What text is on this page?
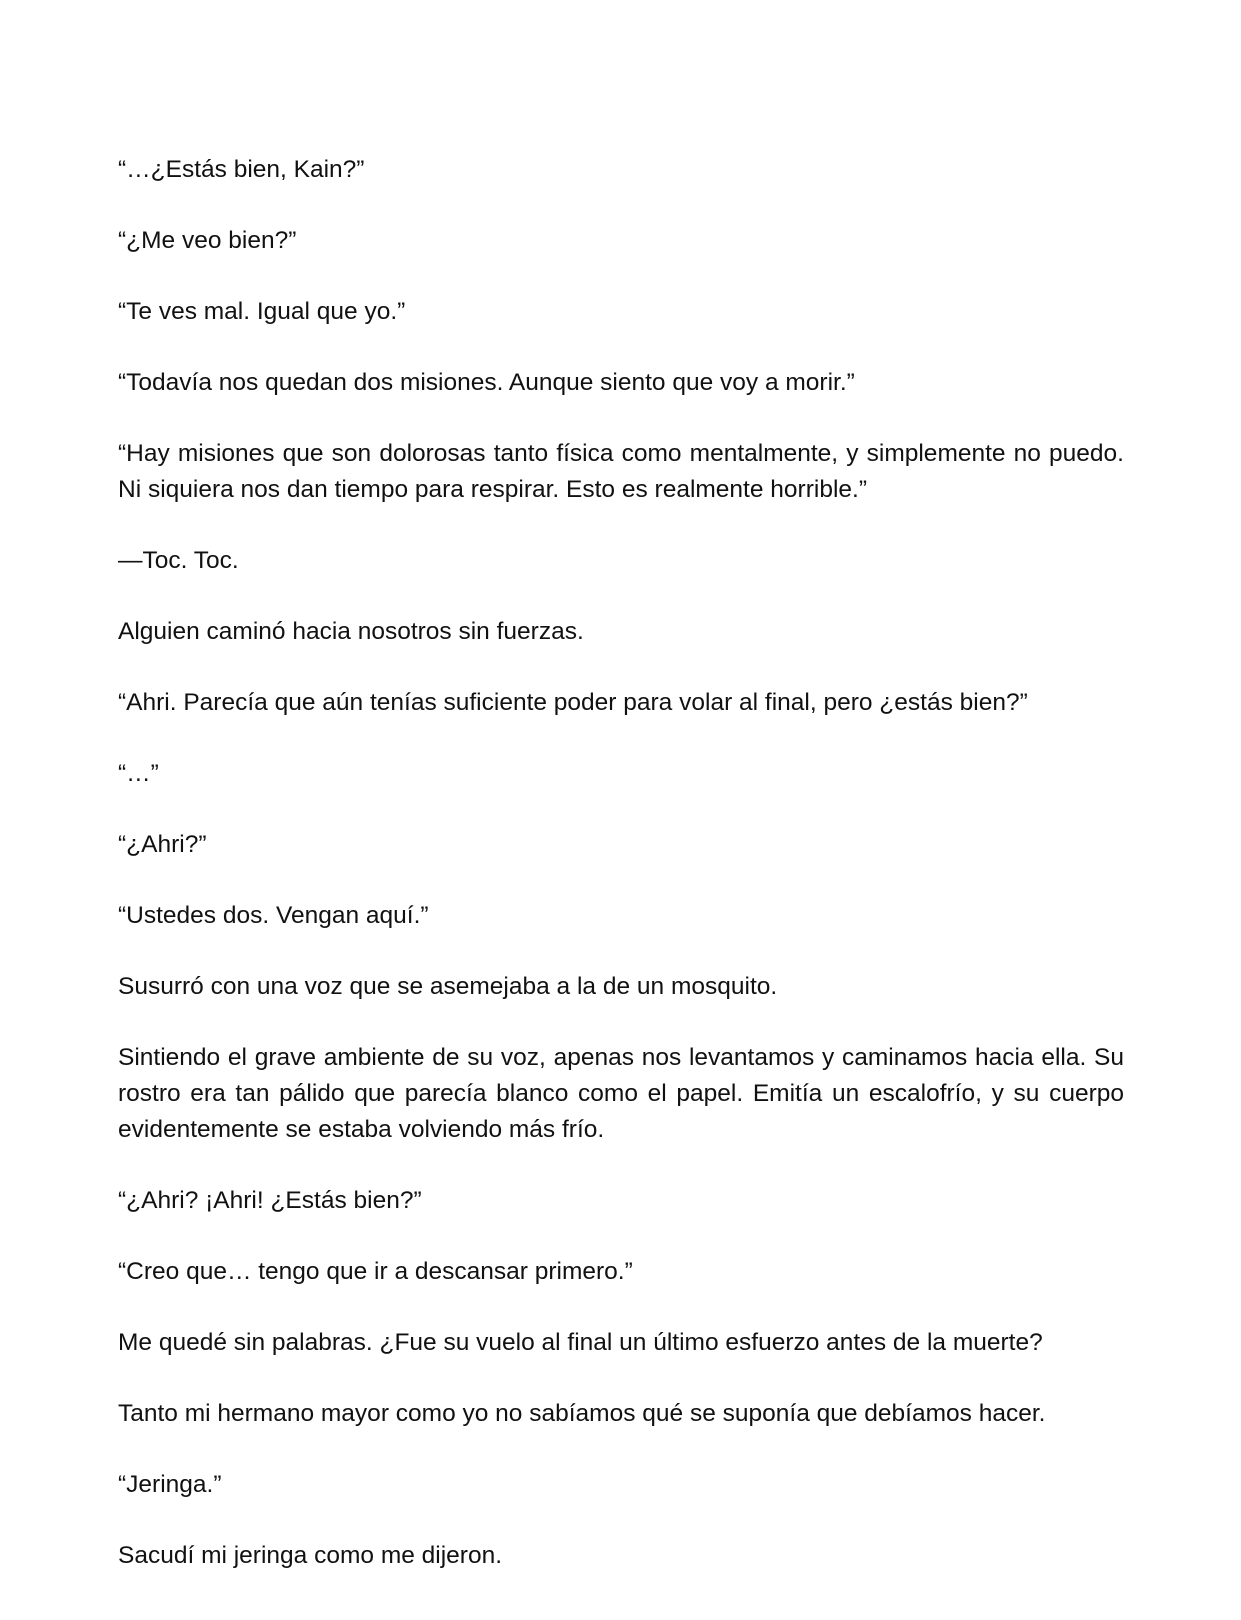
“…¿Estás bien, Kain?”

“¿Me veo bien?”

“Te ves mal. Igual que yo.”

“Todavía nos quedan dos misiones. Aunque siento que voy a morir.”

“Hay misiones que son dolorosas tanto física como mentalmente, y simplemente no puedo. Ni siquiera nos dan tiempo para respirar. Esto es realmente horrible.”

—Toc. Toc.

Alguien caminó hacia nosotros sin fuerzas.

“Ahri. Parecía que aún tenías suficiente poder para volar al final, pero ¿estás bien?”

“…”

“¿Ahri?”

“Ustedes dos. Vengan aquí.”

Susurró con una voz que se asemejaba a la de un mosquito.

Sintiendo el grave ambiente de su voz, apenas nos levantamos y caminamos hacia ella. Su rostro era tan pálido que parecía blanco como el papel. Emitía un escalofrío, y su cuerpo evidentemente se estaba volviendo más frío.

“¿Ahri? ¡Ahri! ¿Estás bien?”

“Creo que… tengo que ir a descansar primero.”

Me quedé sin palabras. ¿Fue su vuelo al final un último esfuerzo antes de la muerte?

Tanto mi hermano mayor como yo no sabíamos qué se suponía que debíamos hacer.

“Jeringa.”

Sacudí mi jeringa como me dijeron.
